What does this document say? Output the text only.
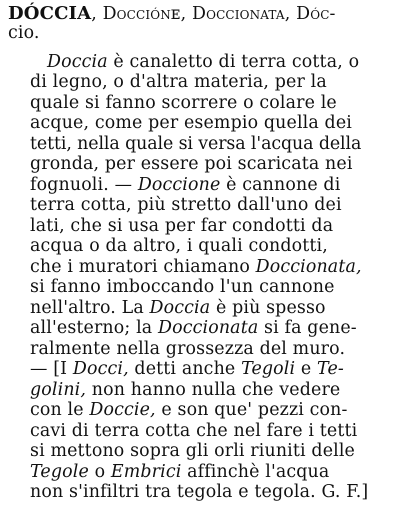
DÓCCIA, Docciónᴇ, Doccionata, Dóc-
cio.
Doccia è canaletto di terra cotta, o
di legno, o d'altra materia, per la
quale si fanno scorrere o colare le
acque, come per esempio quella dei
tetti, nella quale si versa l'acqua della
gronda, per essere poi scaricata nei
fognuoli. — Doccione è cannone di
terra cotta, più stretto dall'uno dei
lati, che si usa per far condotti da
acqua o da altro, i quali condotti,
che i muratori chiamano Doccionata,
si fanno imboccando l'un cannone
nell'altro. La Doccia è più spesso
all'esterno; la Doccionata si fa gene-
ralmente nella grossezza del muro.
— [I Docci, detti anche Tegoli e Te-
golini, non hanno nulla che vedere
con le Doccie, e son que' pezzi con-
cavi di terra cotta che nel fare i tetti
si mettono sopra gli orli riuniti delle
Tegole o Embrici affinchè l'acqua
non s'infiltri tra tegola e tegola. G. F.]
